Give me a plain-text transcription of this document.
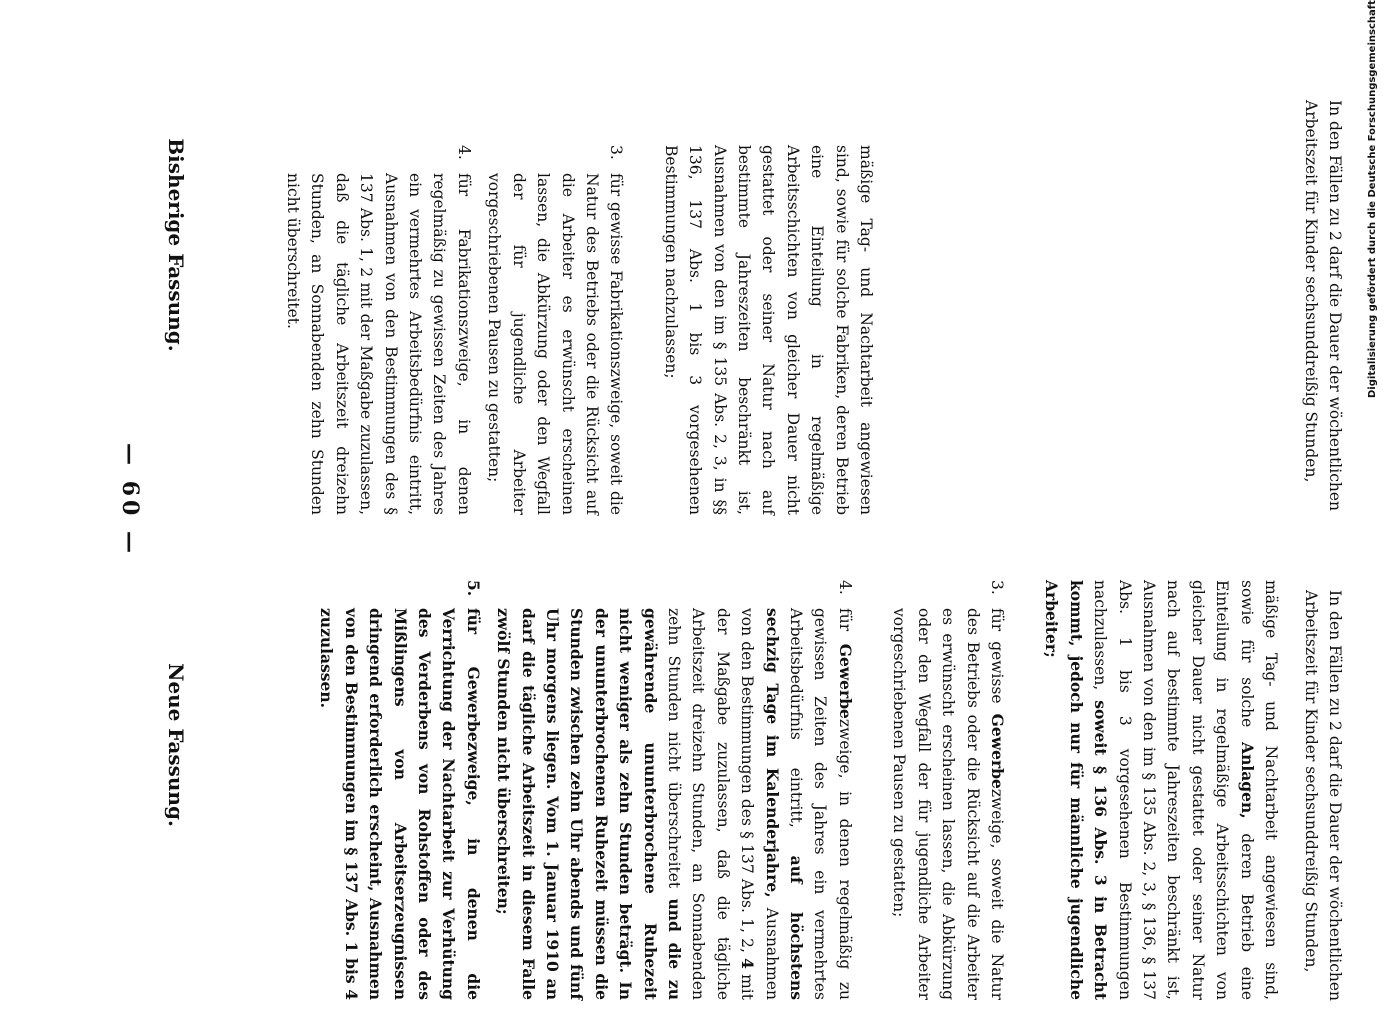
In den Fällen zu 2 darf die Dauer der wöchentlichen Arbeitszeit für Kinder sechsunddreißig Stunden,

In den Fällen zu 2 darf die Dauer der wöchentlichen Arbeitszeit für Kinder sechsunddreißig Stunden,

mäßige Tag- und Nachtarbeit angewiesen sind, sowie für solche Fabriken, deren Betrieb eine Einteilung in regelmäßige Arbeitsschichten von gleicher Dauer nicht gestattet oder seiner Natur nach auf bestimmte Jahreszeiten beschränkt ist, Ausnahmen von den im § 135 Abs. 2, 3, in §§ 136, 137 Abs. 1 bis 3 vorgesehenen Bestimmungen nachzulassen;

3.
für gewisse Fabrikationszweige, soweit die Natur des Betriebs oder die Rücksicht auf die Arbeiter es erwünscht erscheinen lassen, die Abkürzung oder den Wegfall der für jugendliche Arbeiter vorgeschriebenen Pausen zu gestatten;
4.
für Fabrikationszweige, in denen regelmäßig zu gewissen Zeiten des Jahres ein vermehrtes Arbeitsbedürfnis eintritt, Ausnahmen von den Bestimmungen des § 137 Abs. 1, 2 mit der Maßgabe zuzulassen, daß die tägliche Arbeitszeit dreizehn Stunden, an Sonnabenden zehn Stunden nicht überschreitet.

mäßige Tag- und Nachtarbeit angewiesen sind, sowie für solche Anlagen, deren Betrieb eine Einteilung in regelmäßige Arbeitsschichten von gleicher Dauer nicht gestattet oder seiner Natur nach auf bestimmte Jahreszeiten beschränkt ist, Ausnahmen von den im § 135 Abs. 2, 3, § 136, § 137 Abs. 1 bis 3 vorgesehenen Bestimmungen nachzulassen, soweit § 136 Abs. 3 in Betracht kommt, jedoch nur für männliche jugendliche Arbeiter;

3.
für gewisse Gewerbezweige, soweit die Natur des Betriebs oder die Rücksicht auf die Arbeiter es erwünscht erscheinen lassen, die Abkürzung oder den Wegfall der für jugendliche Arbeiter vorgeschriebenen Pausen zu gestatten;
4.
für Gewerbezweige, in denen regelmäßig zu gewissen Zeiten des Jahres ein vermehrtes Arbeitsbedürfnis eintritt, auf höchstens sechzig Tage im Kalenderjahre, Ausnahmen von den Bestimmungen des § 137 Abs. 1, 2, 4 mit der Maßgabe zuzulassen, daß die tägliche Arbeitszeit dreizehn Stunden, an Sonnabenden zehn Stunden nicht überschreitet und die zu gewährende ununterbrochene Ruhezeit nicht weniger als zehn Stunden beträgt. In der ununterbrochenen Ruhezeit müssen die Stunden zwischen zehn Uhr abends und fünf Uhr morgens liegen. Vom 1. Januar 1910 an darf die tägliche Arbeitszeit in diesem Falle zwölf Stunden nicht überschreiten;
5.
für Gewerbezweige, in denen die Verrichtung der Nachtarbeit zur Verhütung des Verderbens von Rohstoffen oder des Mißlingens von Arbeitserzeugnissen dringend erforderlich erscheint, Ausnahmen von den Bestimmungen im § 137 Abs. 1 bis 4 zuzulassen.
Bisherige Fassung.
Neue Fassung.
— 60 —
Digitalisierung gefördert durch die Deutsche Forschungsgemeinschaft
